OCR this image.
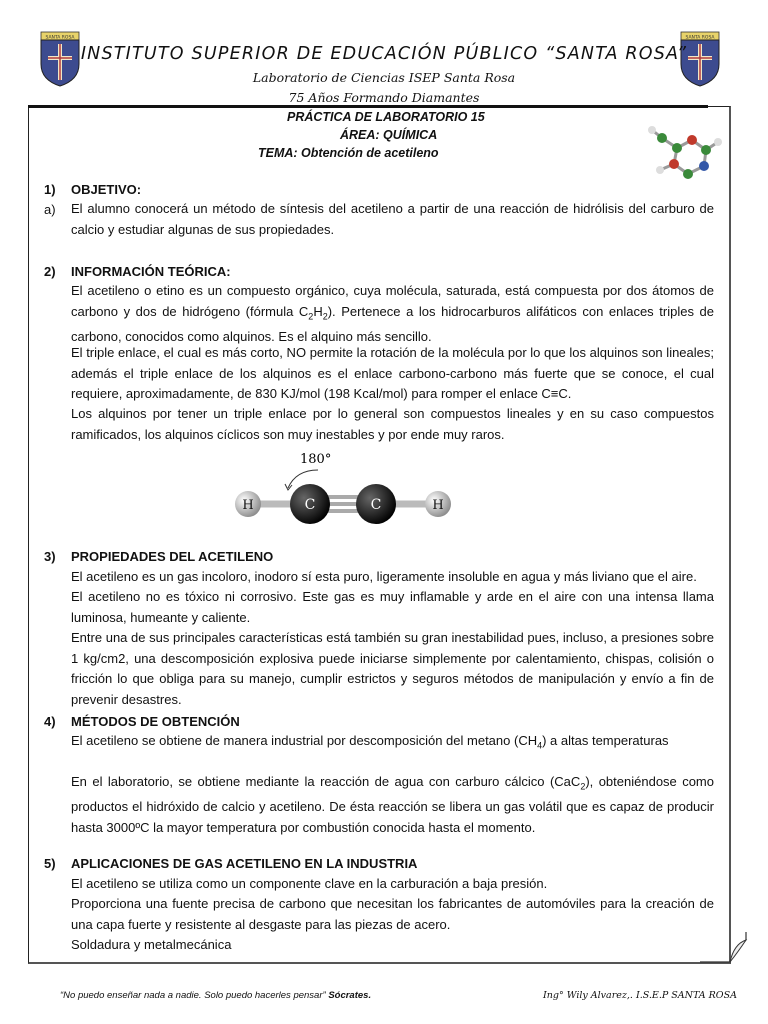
SANTA ROSA	SANTA ROSA
INSTITUTO SUPERIOR DE EDUCACIÓN PÚBLICO “SANTA ROSA”
Laboratorio de Ciencias ISEP Santa Rosa
75 Años Formando Diamantes
PRÁCTICA DE LABORATORIO 15
ÁREA: QUÍMICA
TEMA: Obtención de acetileno
1) OBJETIVO:
a) El alumno conocerá un método de síntesis del acetileno a partir de una reacción de hidrólisis del carburo de calcio y estudiar algunas de sus propiedades.
2) INFORMACIÓN TEÓRICA:
El acetileno o etino es un compuesto orgánico, cuya molécula, saturada, está compuesta por dos átomos de carbono y dos de hidrógeno (fórmula $C_2H_2$). Pertenece a los hidrocarburos alifáticos con enlaces triples de carbono, conocidos como alquinos. Es el alquino más sencillo.
El triple enlace, el cual es más corto, NO permite la rotación de la molécula por lo que los alquinos son lineales; además el triple enlace de los alquinos es el enlace carbono-carbono más fuerte que se conoce, el cual requiere, aproximadamente, de 830 KJ/mol (198 Kcal/mol) para romper el enlace C≡C.
Los alquinos por tener un triple enlace por lo general son compuestos lineales y en su caso compuestos ramificados, los alquinos cíclicos son muy inestables y por ende muy raros.
180°
H	C	C	H
3) PROPIEDADES DEL ACETILENO
El acetileno es un gas incoloro, inodoro sí esta puro, ligeramente insoluble en agua y más liviano que el aire.
El acetileno no es tóxico ni corrosivo. Este gas es muy inflamable y arde en el aire con una intensa llama luminosa, humeante y caliente.
Entre una de sus principales características está también su gran inestabilidad pues, incluso, a presiones sobre 1 kg/cm2, una descomposición explosiva puede iniciarse simplemente por calentamiento, chispas, colisión o fricción lo que obliga para su manejo, cumplir estrictos y seguros métodos de manipulación y envío a fin de prevenir desastres.
4) MÉTODOS DE OBTENCIÓN
El acetileno se obtiene de manera industrial por descomposición del metano $(CH_4)$ a altas temperaturas
En el laboratorio, se obtiene mediante la reacción de agua con carburo cálcico (CaC$_2$), obteniéndose como productos el hidróxido de calcio y acetileno. De ésta reacción se libera un gas volátil que es capaz de producir hasta 3000ºC la mayor temperatura por combustión conocida hasta el momento.
5) APLICACIONES DE GAS ACETILENO EN LA INDUSTRIA
El acetileno se utiliza como un componente clave en la carburación a baja presión.
Proporciona una fuente precisa de carbono que necesitan los fabricantes de automóviles para la creación de una capa fuerte y resistente al desgaste para las piezas de acero.
Soldadura y metalmecánica
“No puedo enseñar nada a nadie. Solo puedo hacerles pensar” Sócrates.	Ing° Wily Alvarez,. I.S.E.P SANTA ROSA
